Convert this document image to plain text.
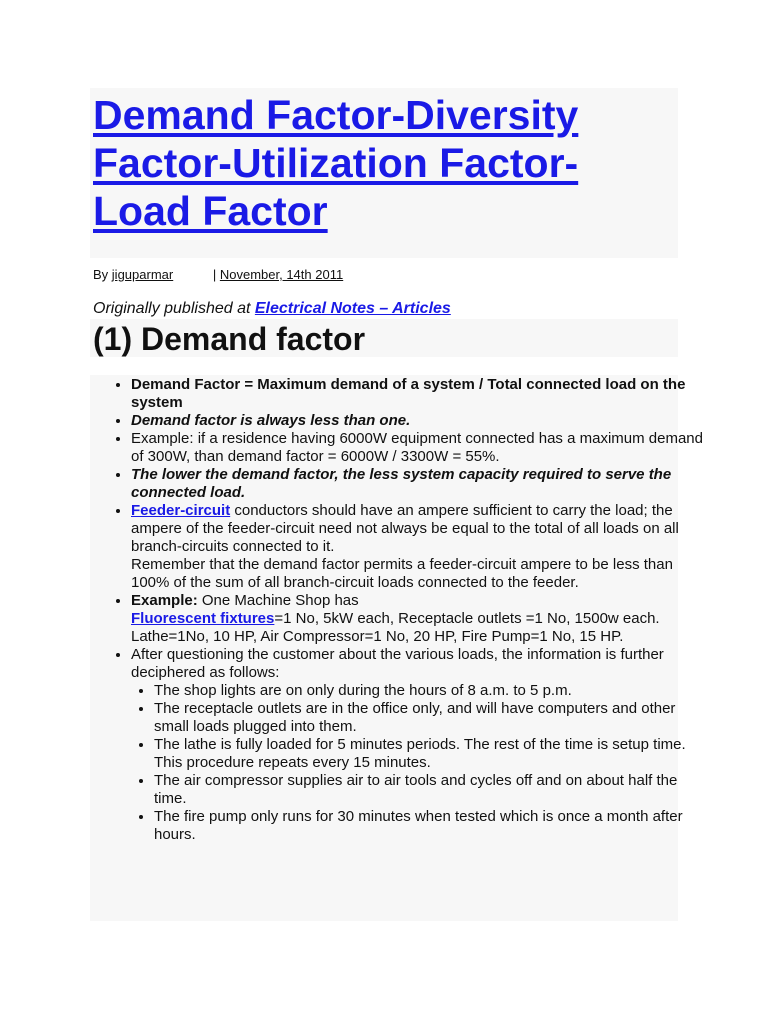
Demand Factor-Diversity Factor-Utilization Factor-Load Factor
By jiguparmar	| November, 14th 2011
Originally published at Electrical Notes – Articles
(1) Demand factor
• Demand Factor = Maximum demand of a system / Total connected load on the system
• Demand factor is always less than one.
• Example: if a residence having 6000W equipment connected has a maximum demand of 300W, than demand factor = 6000W / 3300W = 55%.
• The lower the demand factor, the less system capacity required to serve the connected load.
• Feeder-circuit conductors should have an ampere sufficient to carry the load; the ampere of the feeder-circuit need not always be equal to the total of all loads on all branch-circuits connected to it.
Remember that the demand factor permits a feeder-circuit ampere to be less than 100% of the sum of all branch-circuit loads connected to the feeder.
• Example: One Machine Shop has
Fluorescent fixtures=1 No, 5kW each, Receptacle outlets =1 No, 1500w each.
Lathe=1No, 10 HP, Air Compressor=1 No, 20 HP, Fire Pump=1 No, 15 HP.
• After questioning the customer about the various loads, the information is further deciphered as follows:
• The shop lights are on only during the hours of 8 a.m. to 5 p.m.
• The receptacle outlets are in the office only, and will have computers and other small loads plugged into them.
• The lathe is fully loaded for 5 minutes periods. The rest of the time is setup time. This procedure repeats every 15 minutes.
• The air compressor supplies air to air tools and cycles off and on about half the time.
• The fire pump only runs for 30 minutes when tested which is once a month after hours.
